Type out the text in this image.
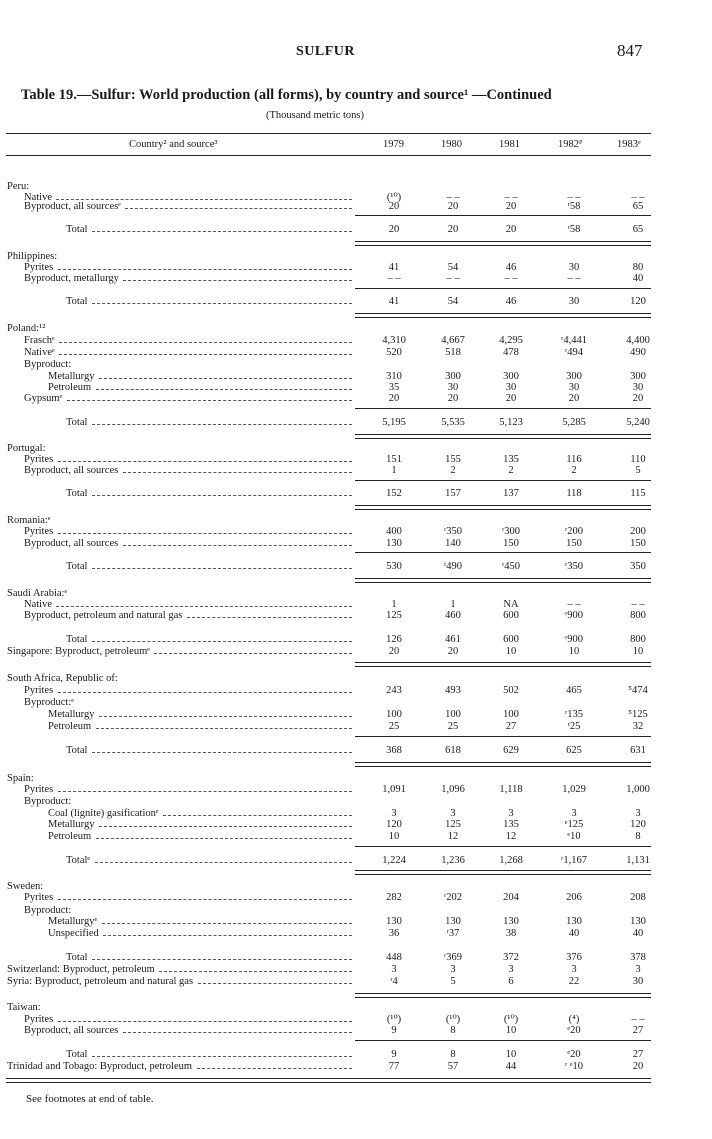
SULFUR	847
Table 19.—Sulfur: World production (all forms), by country and source¹ —Continued
(Thousand metric tons)
Country² and source³	1979	1980	1981	1982ᴾ	1983ᵉ
Peru:
Native	(¹⁰)	– –	– –	– –	– –
Byproduct, all sourcesᵉ	20	20	20	ʳ58	65
Total	20	20	20	ʳ58	65
Philippines:
Pyrites	41	54	46	30	80
Byproduct, metallurgy	– –	– –	– –	– –	40
Total	41	54	46	30	120
Poland:¹²
Fraschᵉ	4,310	4,667	4,295	ʳ4,441	4,400
Nativeᵉ	520	518	478	ʳ494	490
Byproduct:
Metallurgy	310	300	300	300	300
Petroleum	35	30	30	30	30
Gypsumᵉ	20	20	20	20	20
Total	5,195	5,535	5,123	5,285	5,240
Portugal:
Pyrites	151	155	135	116	110
Byproduct, all sources	1	2	2	2	5
Total	152	157	137	118	115
Romania:ᵉ
Pyrites	400	ʳ350	ʳ300	ʳ200	200
Byproduct, all sources	130	140	150	150	150
Total	530	ʳ490	ʳ450	ʳ350	350
Saudi Arabia:ᵉ
Native	1	1	NA	– –	– –
Byproduct, petroleum and natural gas	125	460	600	ʳ900	800
Total	126	461	600	ʳ900	800
Singapore: Byproduct, petroleumᵉ	20	20	10	10	10
South Africa, Republic of:
Pyrites	243	493	502	465	⁵474
Byproduct:ᵉ
Metallurgy	100	100	100	ʳ135	⁵125
Petroleum	25	25	27	ʳ25	32
Total	368	618	629	625	631
Spain:
Pyrites	1,091	1,096	1,118	1,029	1,000
Byproduct:
Coal (lignite) gasificationᵉ	3	3	3	3	3
Metallurgy	120	125	135	ᵉ125	120
Petroleum	10	12	12	ᵉ10	8
Totalᵉ	1,224	1,236	1,268	ʳ1,167	1,131
Sweden:
Pyrites	282	ʳ202	204	206	208
Byproduct:
Metallurgyᵉ	130	130	130	130	130
Unspecified	36	ʳ37	38	40	40
Total	448	ʳ369	372	376	378
Switzerland: Byproduct, petroleum	3	3	3	3	3
Syria: Byproduct, petroleum and natural gas	ʳ4	5	6	22	30
Taiwan:
Pyrites	(¹⁰)	(¹⁰)	(¹⁰)	(⁴)	– –
Byproduct, all sources	9	8	10	ᵉ20	27
Total	9	8	10	ᵉ20	27
Trinidad and Tobago: Byproduct, petroleum	77	57	44	ʳ ᵉ10	20
See footnotes at end of table.
